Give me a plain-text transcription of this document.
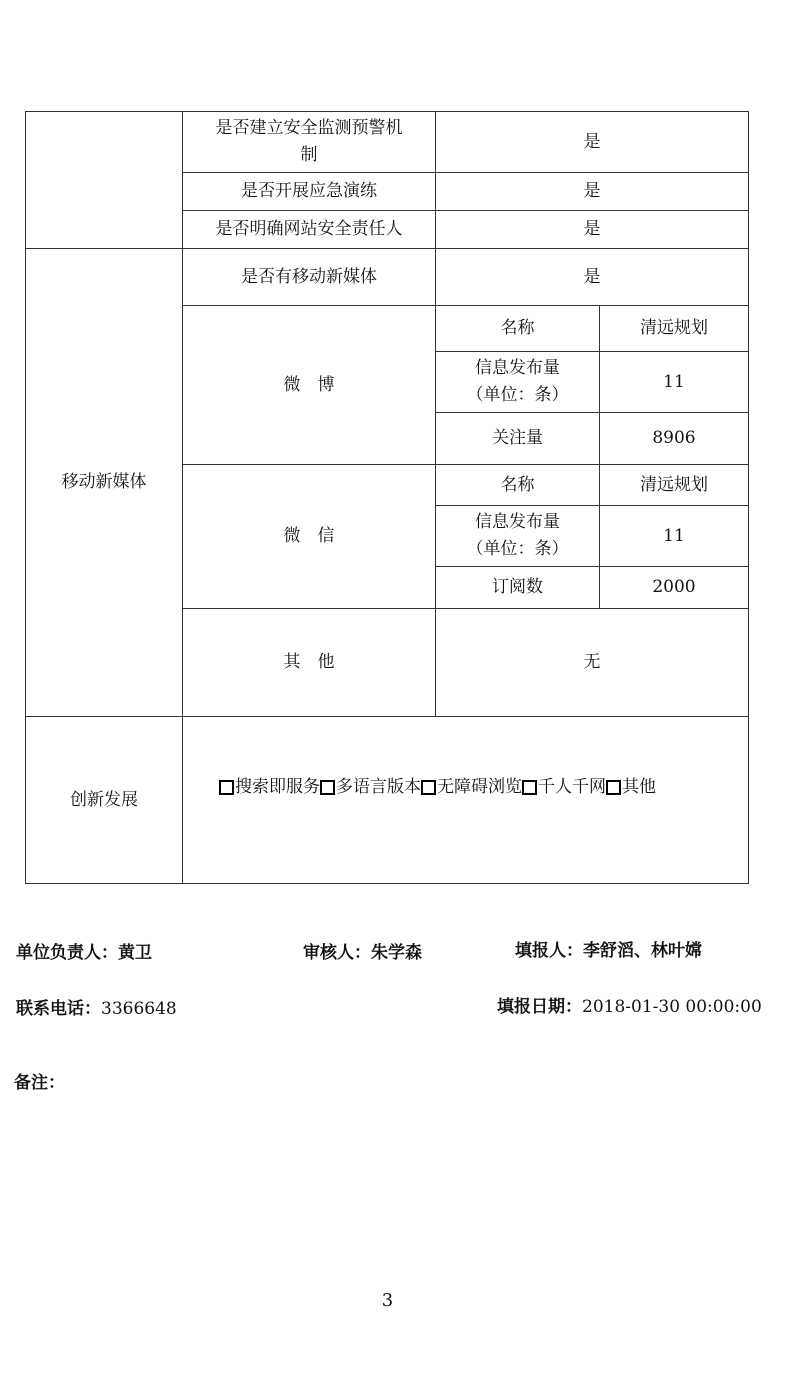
	是否建立安全监测预警机制	是	
	是否开展应急演练	是	
	是否明确网站安全责任人	是	
移动新媒体	是否有移动新媒体	是	
	微　博	名称	清远规划
		信息发布量（单位：条）	11
		关注量	8906
	微　信	名称	清远规划
		信息发布量（单位：条）	11
		订阅数	2000
	其　他	无	
创新发展	搜索即服务 多语言版本 无障碍浏览 千人千网 其他		
单位负责人：黄卫	审核人：朱学森	填报人：李舒滔、林叶嫦
联系电话：3366648	填报日期：2018-01-30 00:00:00
备注：
3
